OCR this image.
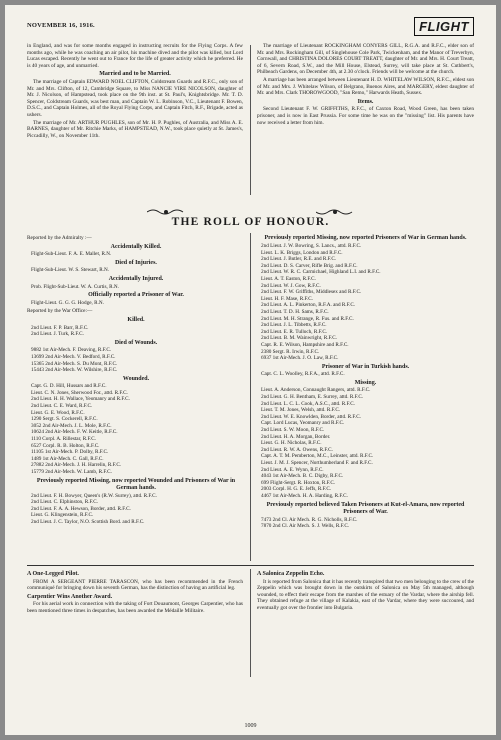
NOVEMBER 16, 1916.	FLIGHT

in England, and was for some months engaged in instructing recruits for the Flying Corps. A few months ago, while he was coaching an air pilot, his machine dived and the pilot was killed, but Lord Lucas escaped. Recently he went out to France for the life of greater activity which he preferred. He is 40 years of age, and unmarried.

Married and to be Married.

The marriage of Captain EDWARD NOEL CLIFTON, Coldstream Guards and R.F.C., only son of Mr. and Mrs. Clifton, of 12, Cambridge Square, to Miss NANCIE VIRE NICOLSON, daughter of Mr. J. Nicolson, of Hampstead, took place on the 9th inst. at St. Paul's, Knightsbridge. Mr. T. D. Spencer, Coldstream Guards, was best man, and Captain W. L. Robinson, V.C., Lieutenant F. Bowen, D.S.C., and Captain Holmes, all of the Royal Flying Corps, and Captain Fitch, R.F., Brigade, acted as ushers.

The marriage of Mr. ARTHUR PUGHLES, son of Mr. H. P. Pughles, of Australia, and Miss A. E. BARNES, daughter of Mr. Ritchie Marks, of HAMPSTEAD, N.W., took place quietly at St. James's, Piccadilly, W., on November 11th.

The marriage of Lieutenant ROCKINGHAM CONYERS GILL, R.G.A. and R.F.C., elder son of Mr. and Mrs. Rockingham Gill, of Singlehouse Cole Park, Twickenham, and the Manor of Treverbyn, Cornwall, and CHRISTINA DOLORES COURT TREATT, daughter of Mr. and Mrs. H. Court Treatt, of 6, Severn Road, S.W., and the Mill House, Elstead, Surrey, will take place at St. Cuthbert's, Philbeach Gardens, on December 4th, at 2.30 o'clock. Friends will be welcome at the church.

A marriage has been arranged between Lieutenant H. D. WHITELAW WILSON, R.F.C., eldest son of Mr. and Mrs. J. Whitelaw Wilson, of Belgrano, Buenos Aires, and MARGERY, eldest daughter of Mr. and Mrs. Clark THOROWGOOD, "San Remo," Harwards Heath, Sussex.

Items.

Second Lieutenant F. W. GRIFFITHS, R.F.C., of Caxton Road, Wood Green, has been taken prisoner, and is now in East Prussia. For some time he was on the "missing" list. His parents have now received a letter from him.

THE ROLL OF HONOUR.
Reported by the Admiralty :—
Accidentally Killed.
Flight-Sub-Lieut. F. A. E. Mallet, R.N.
Died of Injuries.
Flight-Sub-Lieut. W. S. Stewart, R.N.
Accidentally Injured.
Prob. Flight-Sub-Lieut. W. A. Curtis, R.N.
Officially reported a Prisoner of War.
Flight-Lieut. G. G. G. Hodge, R.N.
Reported by the War Office:—
Killed.
2nd Lieut. F. P. Barr, R.F.C.
2nd Lieut. J. Turk, R.F.C.
Died of Wounds.
9882 1st Air-Mech. F. Deaving, R.F.C.
13699 2nd Air-Mech. V. Bedford, R.F.C.
15365 2nd Air-Mech. S. Du Mont, R.F.C.
15443 2nd Air-Mech. W. Wilshire, R.F.C.
Wounded.
Capt. G. D. Hill, Hussars and R.F.C.
Lieut. C. N. Jones, Sherwood For., attd. R.F.C.
2nd Lieut. H. H. Wallace, Yeomanry and R.F.C.
2nd Lieut. C. E. Ward, R.F.C.
Lieut. G. E. Wood, R.F.C.
1290 Sergt. S. Cockerell, R.F.C.
3052 2nd Air-Mech. J. L. Mole, R.F.C.
10624 2nd Air-Mech. F. W. Keitle, R.F.C.
1110 Corpl. A. Rillestar, R.F.C.
6527 Corpl. R. B. Holton, R.F.C.
11105 1st Air-Mech. P. Dolby, R.F.C.
1489 1st Air-Mech. C. Gall, R.F.C.
27882 2nd Air-Mech. J. H. Harrelin, R.F.C.
15779 2nd Air-Mech. W. Lamb, R.F.C.
Previously reported Missing, now reported Wounded and Prisoners of War in German hands.
2nd Lieut. F. H. Bowyer, Queen's (R.W. Surrey), attd. R.F.C.
2nd Lieut. C. Elphinston, R.F.C.
2nd Lieut. F. A. A. Hewson, Border, attd. R.F.C.
Lieut. G. Klingenstein, R.F.C.
2nd Lieut. J. C. Taylor, N.O. Scottish Bord. and R.F.C.
Previously reported Missing, now reported Prisoners of War in German hands.
2nd Lieut. J. W. Bowring, S. Lancs., attd. R.F.C.
Lieut. L. K. Briggs, London and R.F.C.
2nd Lieut. J. Butler, R.E. and R.F.C.
2nd Lieut. D. S. Carver, Rifle Brig. and R.F.C.
2nd Lieut. W. R. C. Carmichael, Highland L.I. and R.F.C.
Lieut. A. T. Easton, R.F.C.
2nd Lieut. W. J. Gow, R.F.C.
2nd Lieut. F. W. Griffiths, Middlesex and R.F.C.
Lieut. H. F. Mase, R.F.C.
2nd Lieut. A. L. Pinkerton, R.F.A. and R.F.C.
2nd Lieut. T. D. H. Sams, R.F.C.
2nd Lieut. M. H. Strange, R. Fus. and R.F.C.
2nd Lieut. J. L. Tibbetts, R.F.C.
2nd Lieut. E. R. Tulloch, R.F.C.
2nd Lieut. B. M. Wainwright, R.F.C.
Capt. R. E. Wilson, Hampshire and R.F.C.
2380 Sergt. R. Irwin, R.F.C.
6937 1st Air-Mech. J. O. Law, R.F.C.
Prisoner of War in Turkish hands.
Capt. C. L. Woolley, R.F.A., attd. R.F.C.
Missing.
Lieut. A. Anderson, Connaught Rangers, attd. R.F.C.
2nd Lieut. G. H. Bentham, E. Surrey, attd. R.F.C.
2nd Lieut. L. C. L. Cook, A.S.C., attd. R.F.C.
Lieut. T. M. Jones, Welsh, attd. R.F.C.
2nd Lieut. W. E. Knowlden, Border, attd. R.F.C.
Capt. Lord Lucas, Yeomanry and R.F.C.
2nd Lieut. S. W. Moon, R.F.C.
2nd Lieut. H. A. Morgan, Border.
Lieut. G. H. Nicholas, R.F.C.
2nd Lieut. R. W. A. Owens, R.F.C.
Capt. A. T. M. Pemberton, M.C., Leinster, attd. R.F.C.
Lieut. J. M. J. Spencer, Northumberland F. and R.F.C.
2nd Lieut. A. E. Wynn, R.F.C.
4043 1st Air-Mech. B. C. Digby, R.F.C.
699 Flight-Sergt. R. Hoxton, R.F.C.
2003 Corpl. H. G. E. Jeffs, R.F.C.
4467 1st Air-Mech. H. A. Harding, R.F.C.
Previously reported believed Taken Prisoners at Kut-el-Amara, now reported Prisoners of War.
7473 2nd Cl. Air Mech. R. G. Nicholls, R.F.C.
7870 2nd Cl. Air Mech. S. J. Wells, R.F.C.
A One-Legged Pilot.

FROM A SERGEANT PIERRE TARASCON, who has been recommended in the French communiqué for bringing down his seventh German, has the distinction of having an artificial leg.

Carpentier Wins Another Award.

For his aerial work in connection with the taking of Fort Douaumont, Georges Carpentier, who has been mentioned three times in despatches, has been awarded the Médaille Militaire.

A Salonica Zeppelin Echo.

It is reported from Salonica that it has recently transpired that two men belonging to the crew of the Zeppelin which was brought down in the outskirts of Salonica on May 5th managed, although wounded, to effect their escape from the marshes of the estuary of the Vardar, where the airship fell. They obtained refuge at the village of Kalakia, east of the Vardar, where they were succoured, and eventually got over the frontier into Bulgaria.

1009
